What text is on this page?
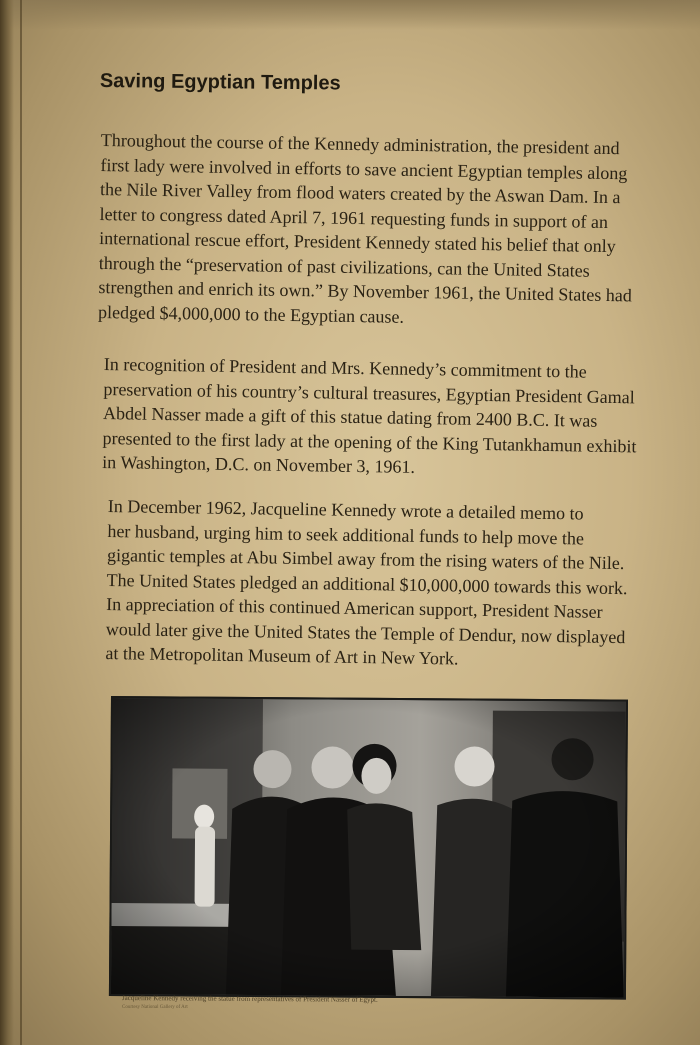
Saving Egyptian Temples
Throughout the course of the Kennedy administration, the president and
first lady were involved in efforts to save ancient Egyptian temples along
the Nile River Valley from flood waters created by the Aswan Dam. In a
letter to congress dated April 7, 1961 requesting funds in support of an
international rescue effort, President Kennedy stated his belief that only
through the “preservation of past civilizations, can the United States
strengthen and enrich its own.” By November 1961, the United States had
pledged $4,000,000 to the Egyptian cause.
In recognition of President and Mrs. Kennedy’s commitment to the
preservation of his country’s cultural treasures, Egyptian President Gamal
Abdel Nasser made a gift of this statue dating from 2400 B.C. It was
presented to the first lady at the opening of the King Tutankhamun exhibit
in Washington, D.C. on November 3, 1961.
In December 1962, Jacqueline Kennedy wrote a detailed memo to
her husband, urging him to seek additional funds to help move the
gigantic temples at Abu Simbel away from the rising waters of the Nile.
The United States pledged an additional $10,000,000 towards this work.
In appreciation of this continued American support, President Nasser
would later give the United States the Temple of Dendur, now displayed
at the Metropolitan Museum of Art in New York.
Jacqueline Kennedy receiving the statue from representatives of President Nasser of Egypt.
Courtesy National Gallery of Art
